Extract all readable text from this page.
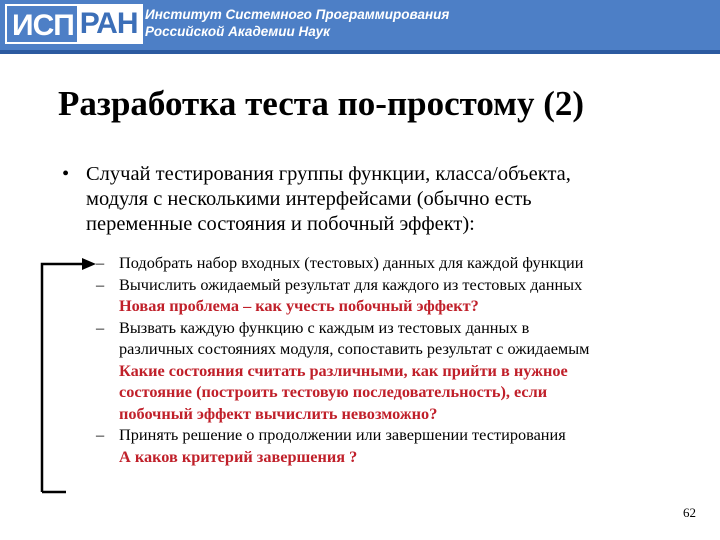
ИСП РАН Институт Системного Программирования
Российской Академии Наук
Разработка теста по-простому (2)
• Случай тестирования группы функции, класса/объекта,
модуля с несколькими интерфейсами (обычно есть
переменные состояния и побочный эффект):
– Подобрать набор входных (тестовых) данных для каждой функции
– Вычислить ожидаемый результат для каждого из тестовых данных
Новая проблема – как учесть побочный эффект?
– Вызвать каждую функцию с каждым из тестовых данных в
различных состояниях модуля, сопоставить результат с ожидаемым
Какие состояния считать различными, как прийти в нужное
состояние (построить тестовую последовательность), если
побочный эффект вычислить невозможно?
– Принять решение о продолжении или завершении тестирования
А каков критерий завершения ?
62
